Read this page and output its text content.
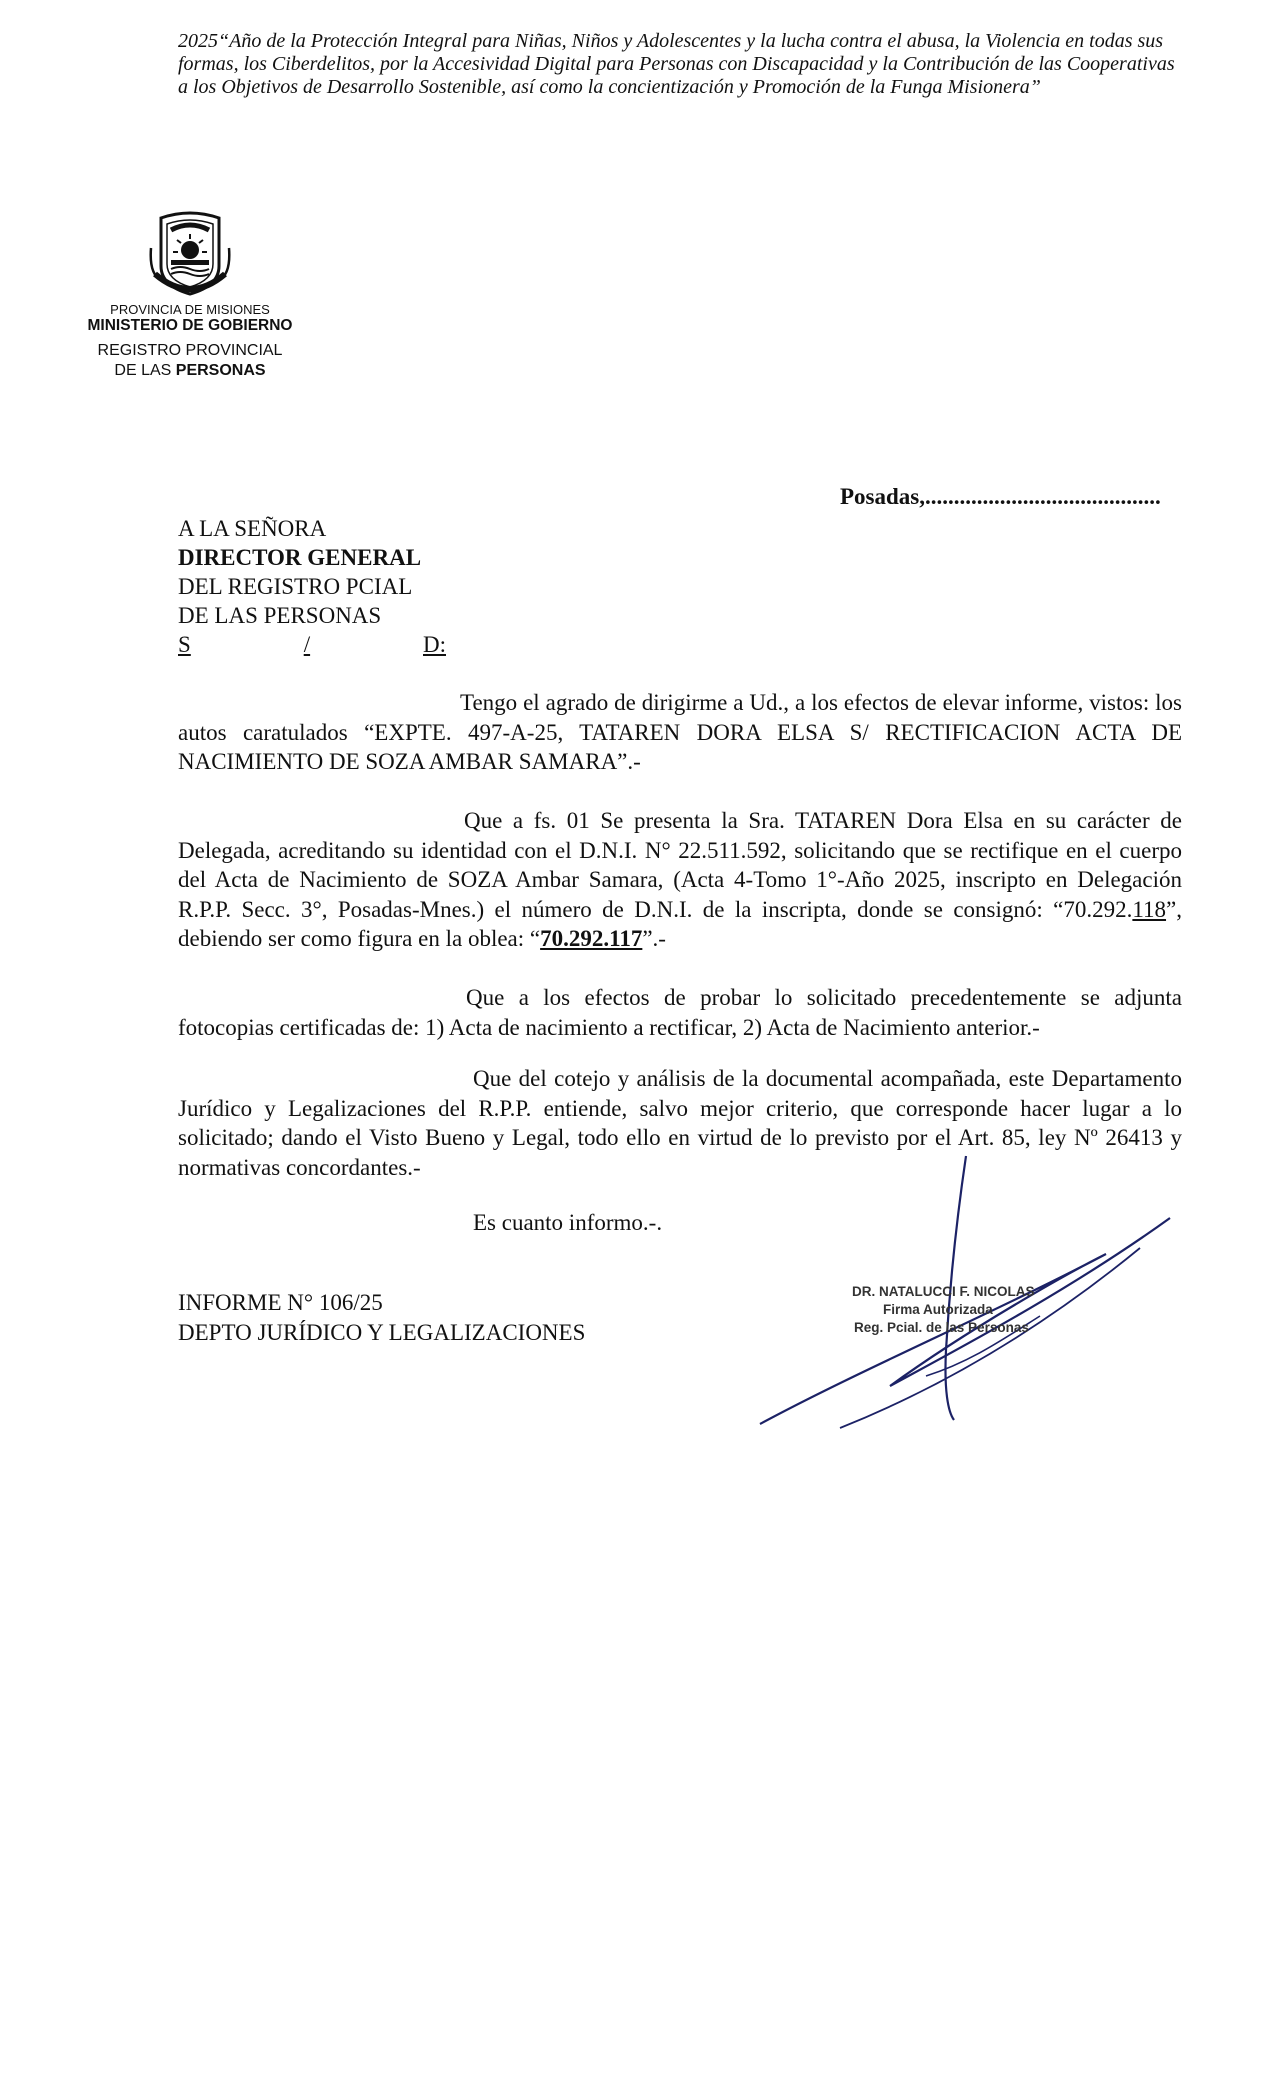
2025“Año de la Protección Integral para Niñas, Niños y Adolescentes y la lucha contra el abusa, la Violencia en todas sus formas, los Ciberdelitos, por la Accesividad Digital para Personas con Discapacidad y la Contribución de las Cooperativas a los Objetivos de Desarrollo Sostenible, así como la concientización y Promoción de la Funga Misionera”
PROVINCIA DE MISIONES
MINISTERIO DE GOBIERNO
REGISTRO PROVINCIAL
DE LAS PERSONAS
Posadas,.........................................
A LA SEÑORA
DIRECTOR GENERAL
DEL REGISTRO PCIAL
DE LAS PERSONAS
S	/	D:
Tengo el agrado de dirigirme a Ud., a los efectos de elevar informe, vistos: los autos caratulados “EXPTE. 497-A-25, TATAREN DORA ELSA S/ RECTIFICACION ACTA DE NACIMIENTO DE SOZA AMBAR SAMARA”.-
Que a fs. 01 Se presenta la Sra. TATAREN Dora Elsa en su carácter de Delegada, acreditando su identidad con el D.N.I. N° 22.511.592, solicitando que se rectifique en el cuerpo del Acta de Nacimiento de SOZA Ambar Samara, (Acta 4-Tomo 1°-Año 2025, inscripto en Delegación R.P.P. Secc. 3°, Posadas-Mnes.) el número de D.N.I. de la inscripta, donde se consignó: “70.292.118”, debiendo ser como figura en la oblea: “70.292.117”.-
Que a los efectos de probar lo solicitado precedentemente se adjunta fotocopias certificadas de: 1) Acta de nacimiento a rectificar, 2) Acta de Nacimiento anterior.-
Que del cotejo y análisis de la documental acompañada, este Departamento Jurídico y Legalizaciones del R.P.P. entiende, salvo mejor criterio, que corresponde hacer lugar a lo solicitado; dando el Visto Bueno y Legal, todo ello en virtud de lo previsto por el Art. 85, ley Nº 26413 y normativas concordantes.-
Es cuanto informo.-.
INFORME N° 106/25
DEPTO JURÍDICO Y LEGALIZACIONES
DR. NATALUCCI F. NICOLAS
Firma Autorizada
Reg. Pcial. de las Personas
